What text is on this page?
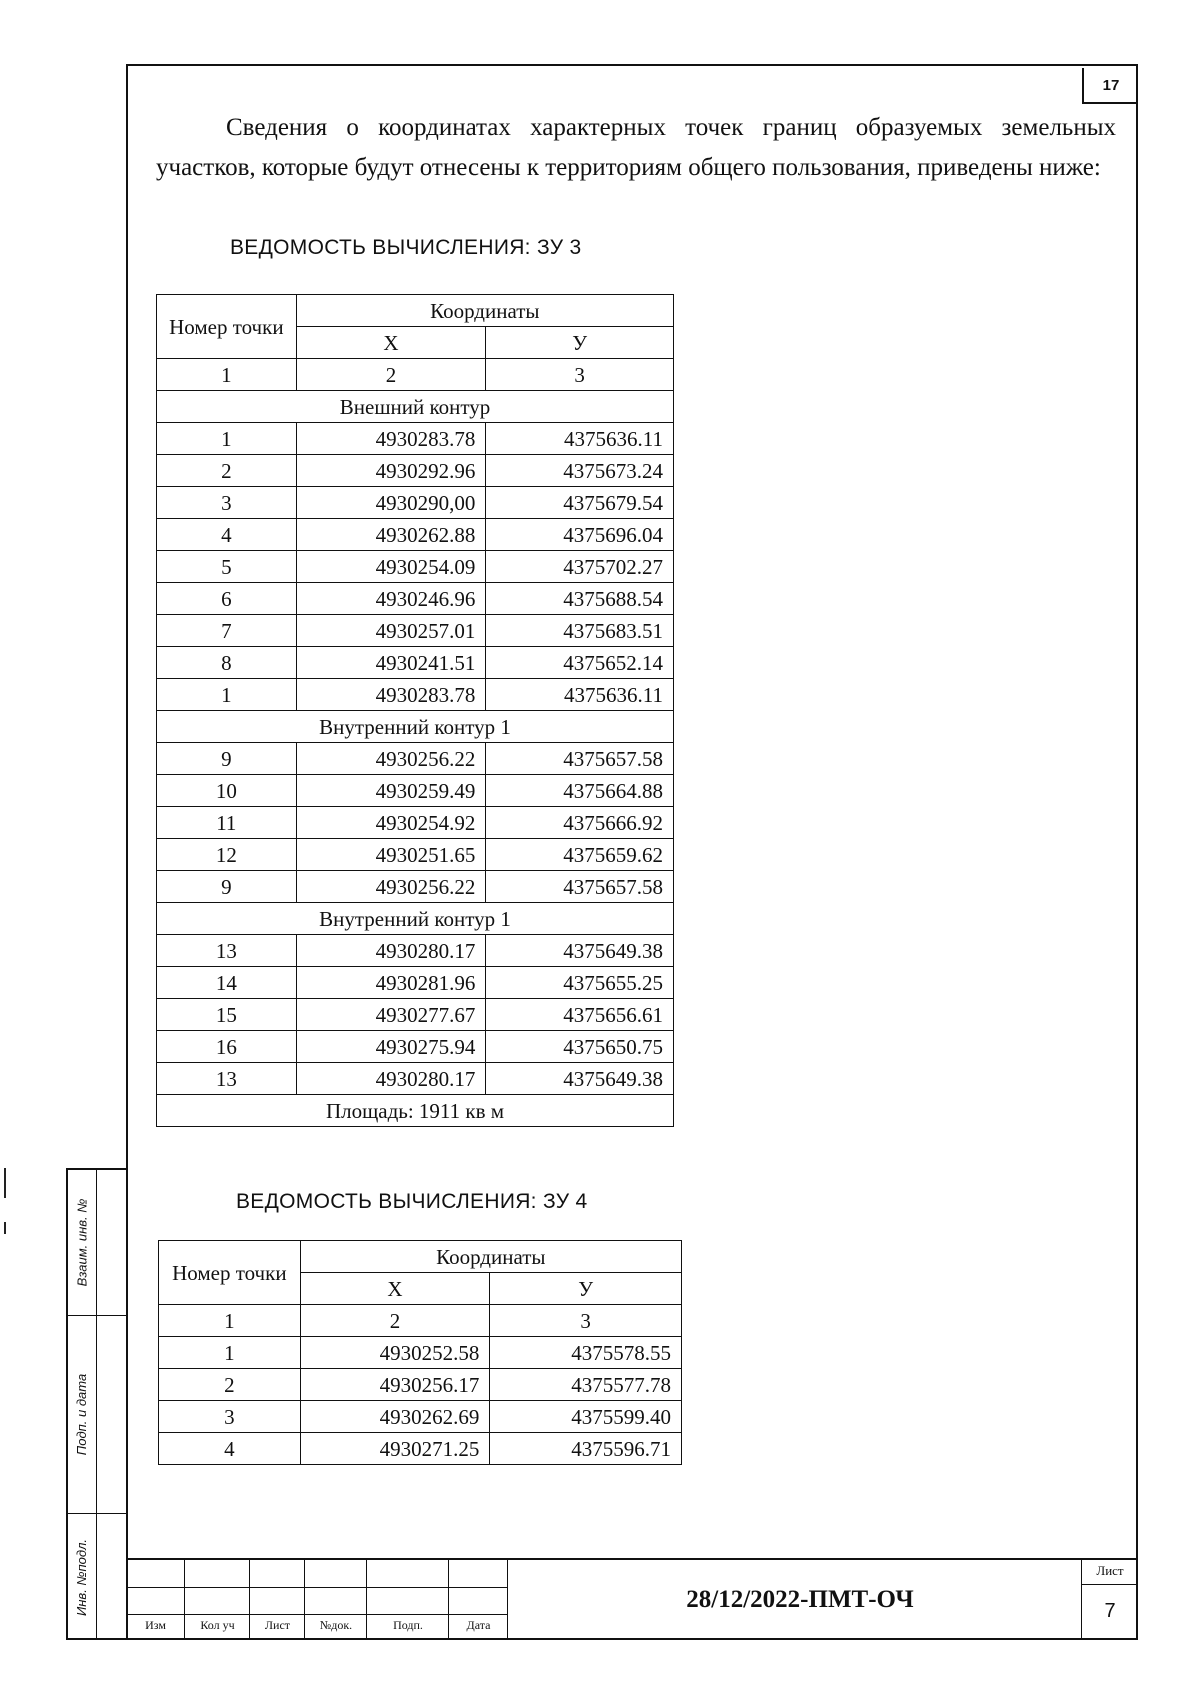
17

Сведения о координатах характерных точек границ образуемых земельных участков, которые будут отнесены к территориям общего пользования, приведены ниже:

ВЕДОМОСТЬ ВЫЧИСЛЕНИЯ: ЗУ 3
Номер точки	Координаты	
	X	У
1	2	3
Внешний контур		
1	4930283.78	4375636.11
2	4930292.96	4375673.24
3	4930290,00	4375679.54
4	4930262.88	4375696.04
5	4930254.09	4375702.27
6	4930246.96	4375688.54
7	4930257.01	4375683.51
8	4930241.51	4375652.14
1	4930283.78	4375636.11
Внутренний контур 1		
9	4930256.22	4375657.58
10	4930259.49	4375664.88
11	4930254.92	4375666.92
12	4930251.65	4375659.62
9	4930256.22	4375657.58
Внутренний контур 1		
13	4930280.17	4375649.38
14	4930281.96	4375655.25
15	4930277.67	4375656.61
16	4930275.94	4375650.75
13	4930280.17	4375649.38
Площадь: 1911 кв м		
ВЕДОМОСТЬ ВЫЧИСЛЕНИЯ: ЗУ 4
Номер точки	Координаты	
	X	У
1	2	3
1	4930252.58	4375578.55
2	4930256.17	4375577.78
3	4930262.69	4375599.40
4	4930271.25	4375596.71
Взаим. инв. №
Подп. и дата
Инв. №подл.
Изм	Кол уч	Лист	№док.	Подп.	Дата
28/12/2022-ПМТ-ОЧ
Лист
7
